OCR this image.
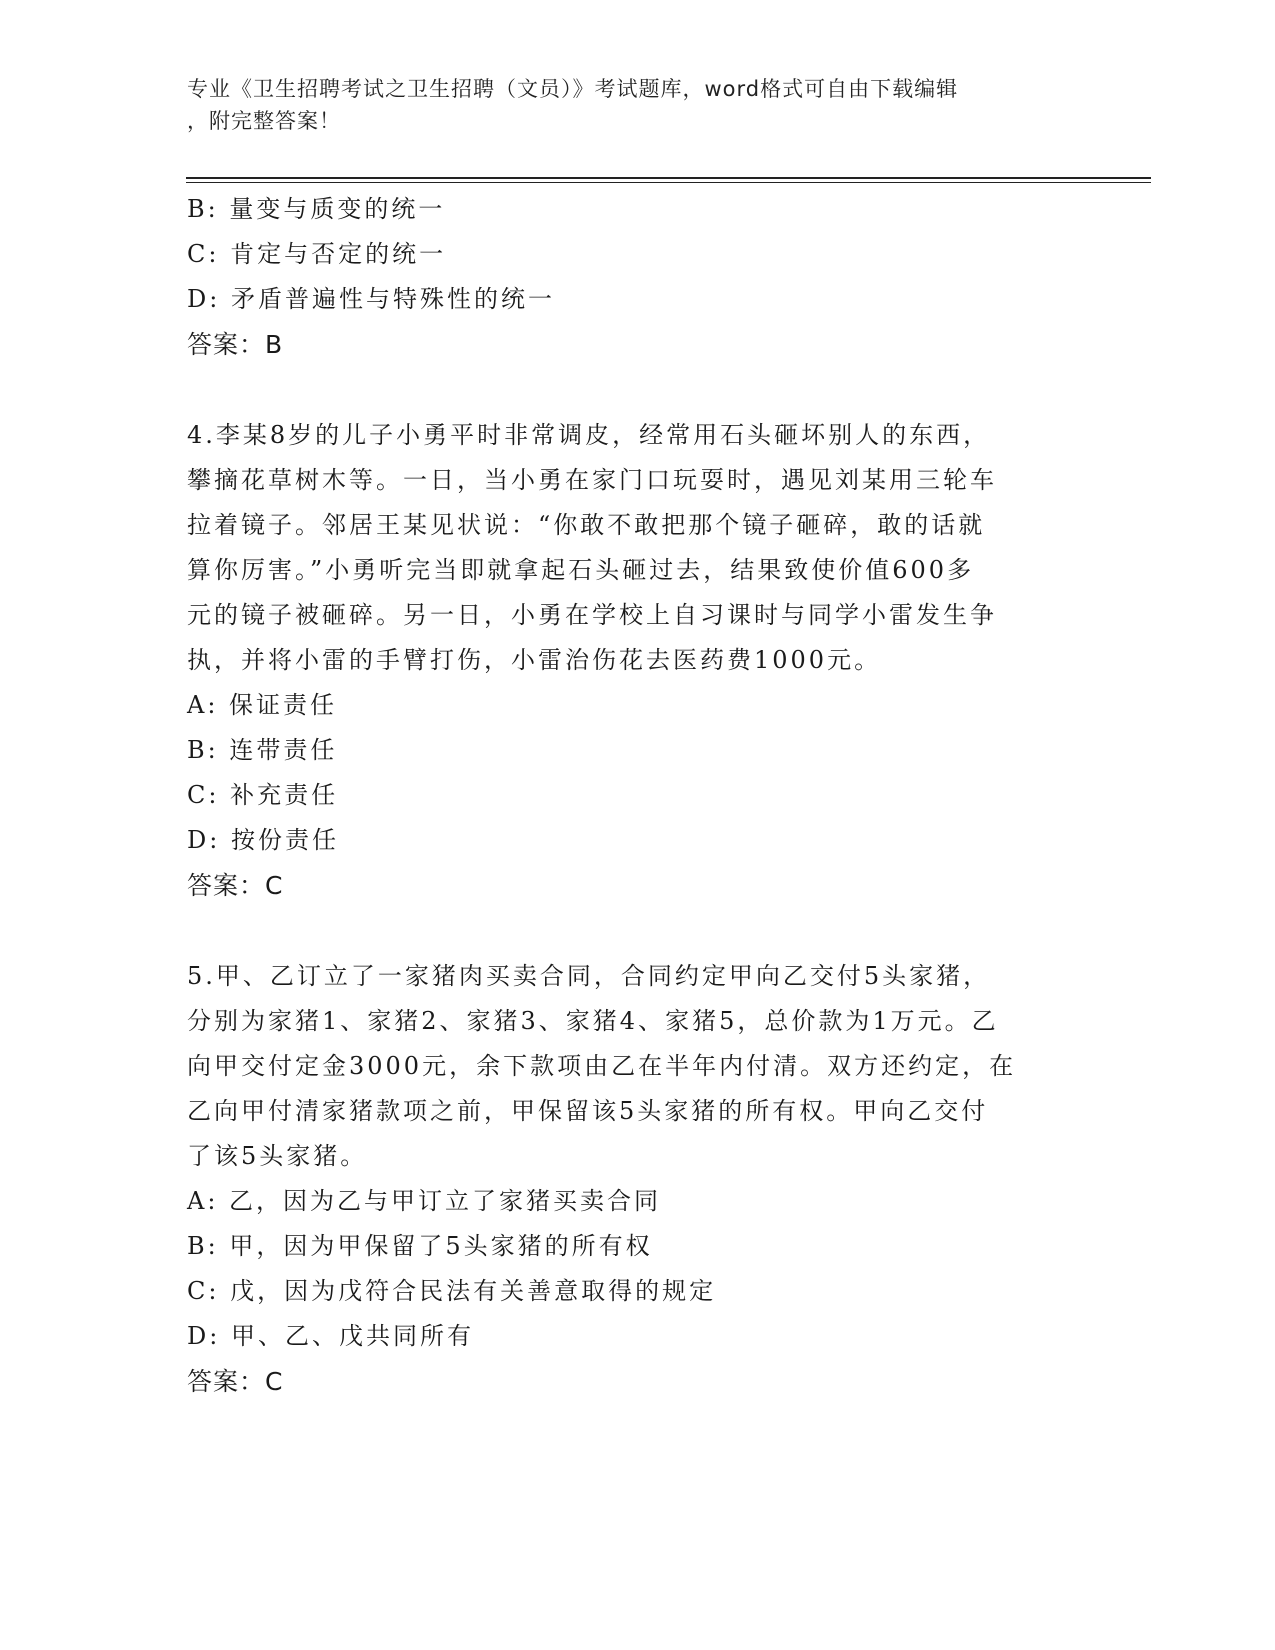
专业《卫生招聘考试之卫生招聘（文员）》考试题库，word格式可自由下载编辑
，附完整答案！
B: 量变与质变的统一
C: 肯定与否定的统一
D: 矛盾普遍性与特殊性的统一
答案：B
4.李某8岁的儿子小勇平时非常调皮，经常用石头砸坏别人的东西，
攀摘花草树木等。一日，当小勇在家门口玩耍时，遇见刘某用三轮车
拉着镜子。邻居王某见状说：“你敢不敢把那个镜子砸碎，敢的话就
算你厉害。”小勇听完当即就拿起石头砸过去，结果致使价值600多
元的镜子被砸碎。另一日，小勇在学校上自习课时与同学小雷发生争
执，并将小雷的手臂打伤，小雷治伤花去医药费1000元。
A: 保证责任
B: 连带责任
C: 补充责任
D: 按份责任
答案：C
5.甲、乙订立了一家猪肉买卖合同，合同约定甲向乙交付5头家猪，
分别为家猪1、家猪2、家猪3、家猪4、家猪5，总价款为1万元。乙
向甲交付定金3000元，余下款项由乙在半年内付清。双方还约定，在
乙向甲付清家猪款项之前，甲保留该5头家猪的所有权。甲向乙交付
了该5头家猪。
A: 乙，因为乙与甲订立了家猪买卖合同
B: 甲，因为甲保留了5头家猪的所有权
C: 戊，因为戊符合民法有关善意取得的规定
D: 甲、乙、戊共同所有
答案：C
